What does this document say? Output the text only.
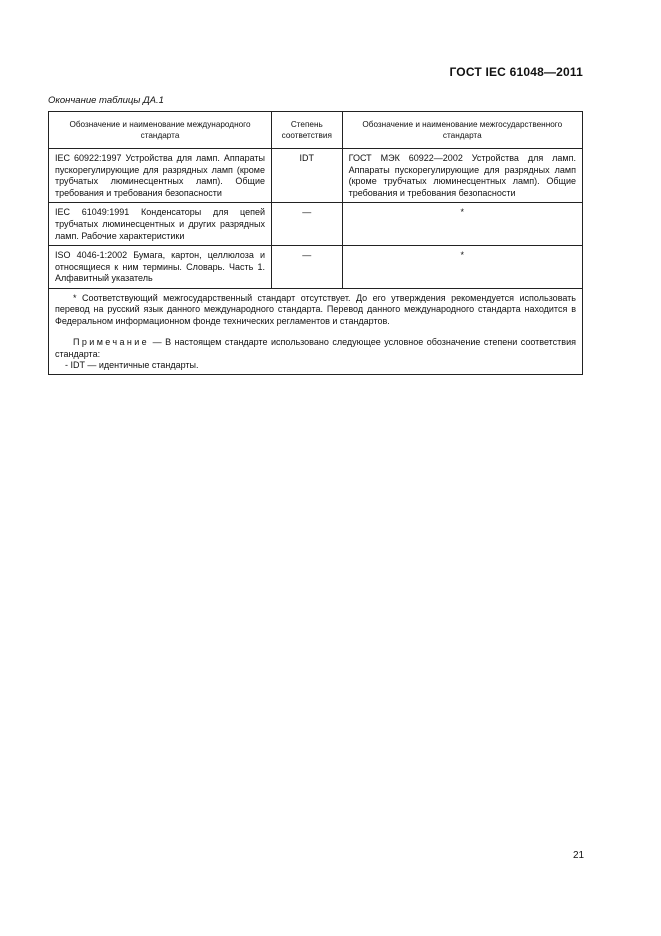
ГОСТ IEC 61048—2011
Окончание таблицы ДА.1
Обозначение и наименование международного стандарта	Степень соответствия	Обозначение и наименование межгосударственного стандарта
IEC 60922:1997 Устройства для ламп. Аппараты пускорегулирующие для разрядных ламп (кроме трубчатых люминесцентных ламп). Общие требования и требования безопасности	IDT	ГОСТ МЭК 60922—2002 Устройства для ламп. Аппараты пускорегулирующие для разрядных ламп (кроме трубчатых люминесцентных ламп). Общие требования и требования безопасности
IEC 61049:1991 Конденсаторы для цепей трубчатых люминесцентных и других разрядных ламп. Рабочие характеристики	—	*
ISO 4046-1:2002 Бумага, картон, целлюлоза и относящиеся к ним термины. Словарь. Часть 1. Алфавитный указатель	—	*

* Соответствующий межгосударственный стандарт отсутствует. До его утверждения рекомендуется использовать перевод на русский язык данного международного стандарта. Перевод данного международного стандарта находится в Федеральном информационном фонде технических регламентов и стандартов.

Примечание — В настоящем стандарте использовано следующее условное обозначение степени соответствия стандарта:

- IDT — идентичные стандарты.		

21
